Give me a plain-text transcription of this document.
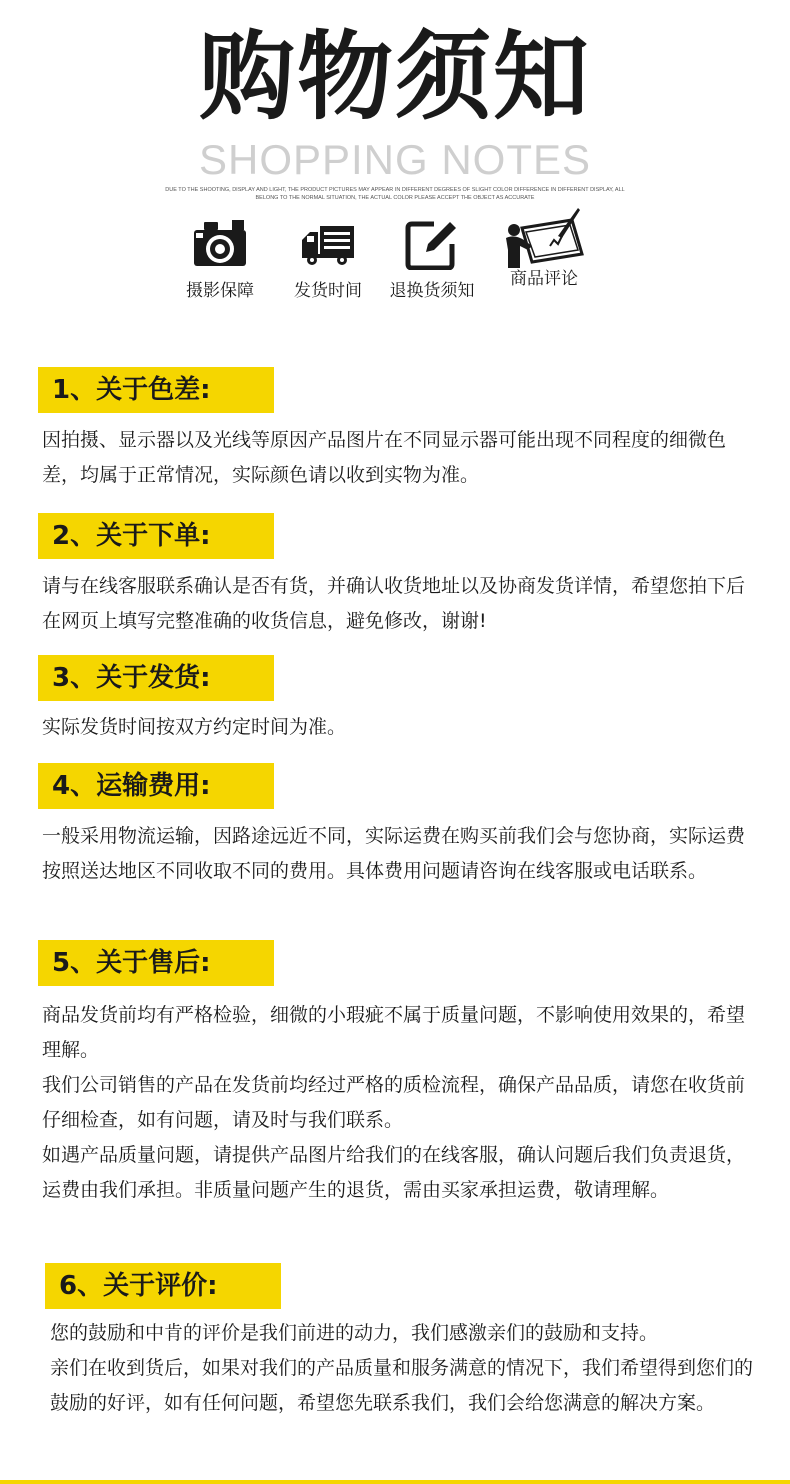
购物须知
SHOPPING NOTES
DUE TO THE SHOOTING, DISPLAY AND LIGHT, THE PRODUCT PICTURES MAY APPEAR IN DIFFERENT DEGREES OF SLIGHT COLOR DIFFERENCE IN DIFFERENT DISPLAY, ALL BELONG TO THE NORMAL SITUATION, THE ACTUAL COLOR PLEASE ACCEPT THE OBJECT AS ACCURATE
摄影保障	发货时间	退换货须知
商品评论
1、关于色差:

因拍摄、显示器以及光线等原因产品图片在不同显示器可能出现不同程度的细微色差，均属于正常情况，实际颜色请以收到实物为准。

2、关于下单:

请与在线客服联系确认是否有货，并确认收货地址以及协商发货详情，希望您拍下后在网页上填写完整准确的收货信息，避免修改，谢谢!

3、关于发货:

实际发货时间按双方约定时间为准。

4、运输费用:

一般采用物流运输，因路途远近不同，实际运费在购买前我们会与您协商，实际运费按照送达地区不同收取不同的费用。具体费用问题请咨询在线客服或电话联系。

5、关于售后:

商品发货前均有严格检验，细微的小瑕疵不属于质量问题，不影响使用效果的，希望理解。

我们公司销售的产品在发货前均经过严格的质检流程，确保产品品质，请您在收货前仔细检查，如有问题，请及时与我们联系。

如遇产品质量问题，请提供产品图片给我们的在线客服，确认问题后我们负责退货，运费由我们承担。非质量问题产生的退货，需由买家承担运费，敬请理解。

6、关于评价:

您的鼓励和中肯的评价是我们前进的动力，我们感激亲们的鼓励和支持。

亲们在收到货后，如果对我们的产品质量和服务满意的情况下，我们希望得到您们的鼓励的好评，如有任何问题，希望您先联系我们，我们会给您满意的解决方案。
